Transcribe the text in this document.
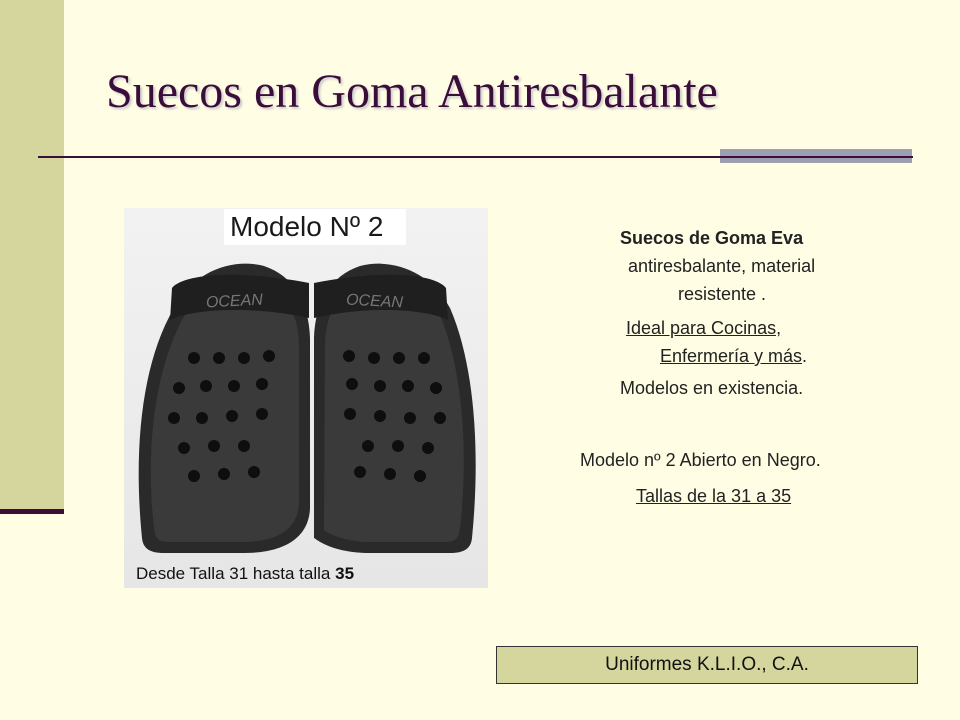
Suecos en Goma Antiresbalante
OCEAN	OCEAN
Modelo Nº 2
Desde Talla 31 hasta talla 35
Suecos de Goma Eva
antiresbalante, material
resistente .
Ideal para Cocinas,
Enfermería y más.
Modelos en existencia.
Modelo nº 2 Abierto en Negro.
Tallas de la 31 a 35
Uniformes K.L.I.O., C.A.
